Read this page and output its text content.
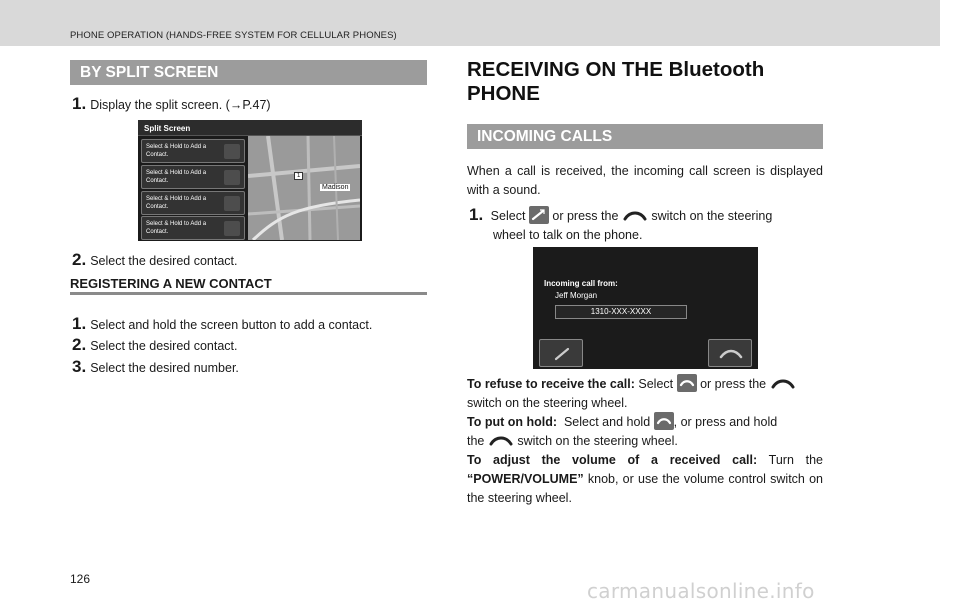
PHONE OPERATION (HANDS-FREE SYSTEM FOR CELLULAR PHONES)
BY SPLIT SCREEN
1. Display the split screen. (→P.47)
Split Screen
Select & Hold to Add a Contact.
Select & Hold to Add a Contact.
Select & Hold to Add a Contact.
Select & Hold to Add a Contact.
1
Madison
2. Select the desired contact.
REGISTERING A NEW CONTACT
1. Select and hold the screen button to add a contact.
2. Select the desired contact.
3. Select the desired number.
RECEIVING ON THE Bluetooth
PHONE
INCOMING CALLS
When a call is received, the incoming call screen is displayed with a sound.
1. Select or press the	switch on the steering
wheel to talk on the phone.
Incoming call from:
Jeff Morgan
1310-XXX-XXXX
To refuse to receive the call: Select or press the
switch on the steering wheel.
To put on hold: Select and hold , or press and hold
the	switch on the steering wheel.
To adjust the volume of a received call: Turn the “POWER/VOLUME” knob, or use the volume control switch on the steering wheel.
126	carmanualsonline.info
